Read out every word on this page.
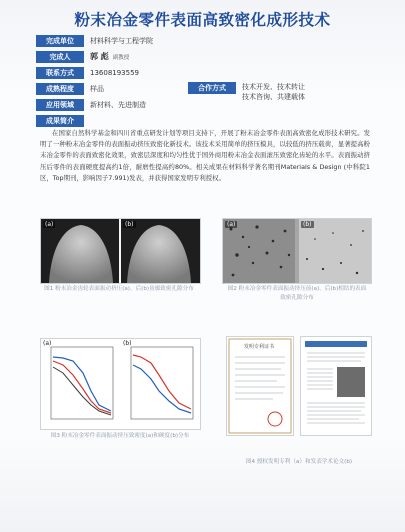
粉末冶金零件表面高致密化成形技术
完成单位	材料科学与工程学院
完成人	郭 彪 副教授
联系方式	13608193559
成熟程度	样品	合作方式	技术开发、技术转让
技术咨询、共建载体
应用领域	新材料、先进制造
成果简介
在国家自然科学基金和四川省重点研发计划等项目支持下，开展了粉末冶金零件表面高致密化成形技术研究。发明了一种粉末冶金零件的表面振动挤压致密化新技术。该技术采用简单的挤压模具，以较低的挤压载荷，显著提高粉末冶金零件的表面致密化效果，致密层深度和均匀性优于国外商用粉末冶金表面滚压致密化齿轮的水平。表面振动挤压后零件的表面硬度提高约1倍，耐磨性提高约80%。相关成果在材料科学著名期刊Materials & Design (中科院1区，Top期刊，影响因子7.991)发表，并获得国家发明专利授权。
(a)	(b)
图1 粉末冶金齿轮表面振动挤压(a)、后(b)齿廓致密孔隙分布
(a)	(b)
图2 粉末冶金零件表面振动挤压前(a)、后(b)相结的表面致密孔隙分布
(a)	(b)
图3 粉末冶金零件表面振动挤压致密度(a)和硬度(b)分布
发明专利证书
图4 授权发明专利（a）和发表学术论文(b)
